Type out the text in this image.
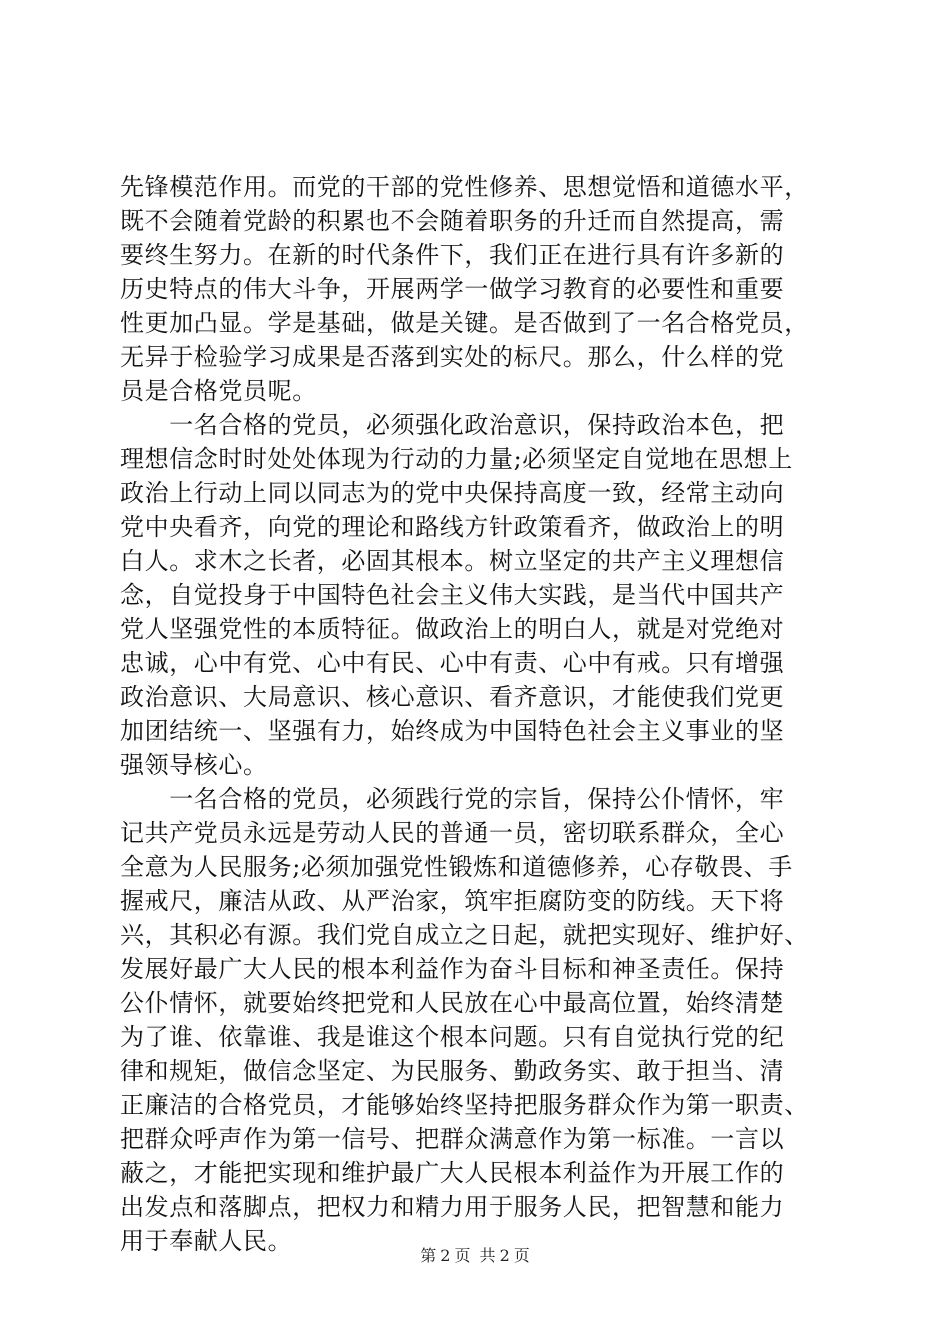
先锋模范作用。而党的干部的党性修养、思想觉悟和道德水平，
既不会随着党龄的积累也不会随着职务的升迁而自然提高，需
要终生努力。在新的时代条件下，我们正在进行具有许多新的
历史特点的伟大斗争，开展两学一做学习教育的必要性和重要
性更加凸显。学是基础，做是关键。是否做到了一名合格党员，
无异于检验学习成果是否落到实处的标尺。那么，什么样的党
员是合格党员呢。
　　一名合格的党员，必须强化政治意识，保持政治本色，把
理想信念时时处处体现为行动的力量;必须坚定自觉地在思想上
政治上行动上同以同志为的党中央保持高度一致，经常主动向
党中央看齐，向党的理论和路线方针政策看齐，做政治上的明
白人。求木之长者，必固其根本。树立坚定的共产主义理想信
念，自觉投身于中国特色社会主义伟大实践，是当代中国共产
党人坚强党性的本质特征。做政治上的明白人，就是对党绝对
忠诚，心中有党、心中有民、心中有责、心中有戒。只有增强
政治意识、大局意识、核心意识、看齐意识，才能使我们党更
加团结统一、坚强有力，始终成为中国特色社会主义事业的坚
强领导核心。
　　一名合格的党员，必须践行党的宗旨，保持公仆情怀，牢
记共产党员永远是劳动人民的普通一员，密切联系群众，全心
全意为人民服务;必须加强党性锻炼和道德修养，心存敬畏、手
握戒尺，廉洁从政、从严治家，筑牢拒腐防变的防线。天下将
兴，其积必有源。我们党自成立之日起，就把实现好、维护好、
发展好最广大人民的根本利益作为奋斗目标和神圣责任。保持
公仆情怀，就要始终把党和人民放在心中最高位置，始终清楚
为了谁、依靠谁、我是谁这个根本问题。只有自觉执行党的纪
律和规矩，做信念坚定、为民服务、勤政务实、敢于担当、清
正廉洁的合格党员，才能够始终坚持把服务群众作为第一职责、
把群众呼声作为第一信号、把群众满意作为第一标准。一言以
蔽之，才能把实现和维护最广大人民根本利益作为开展工作的
出发点和落脚点，把权力和精力用于服务人民，把智慧和能力
用于奉献人民。
第 2 页 共 2 页
